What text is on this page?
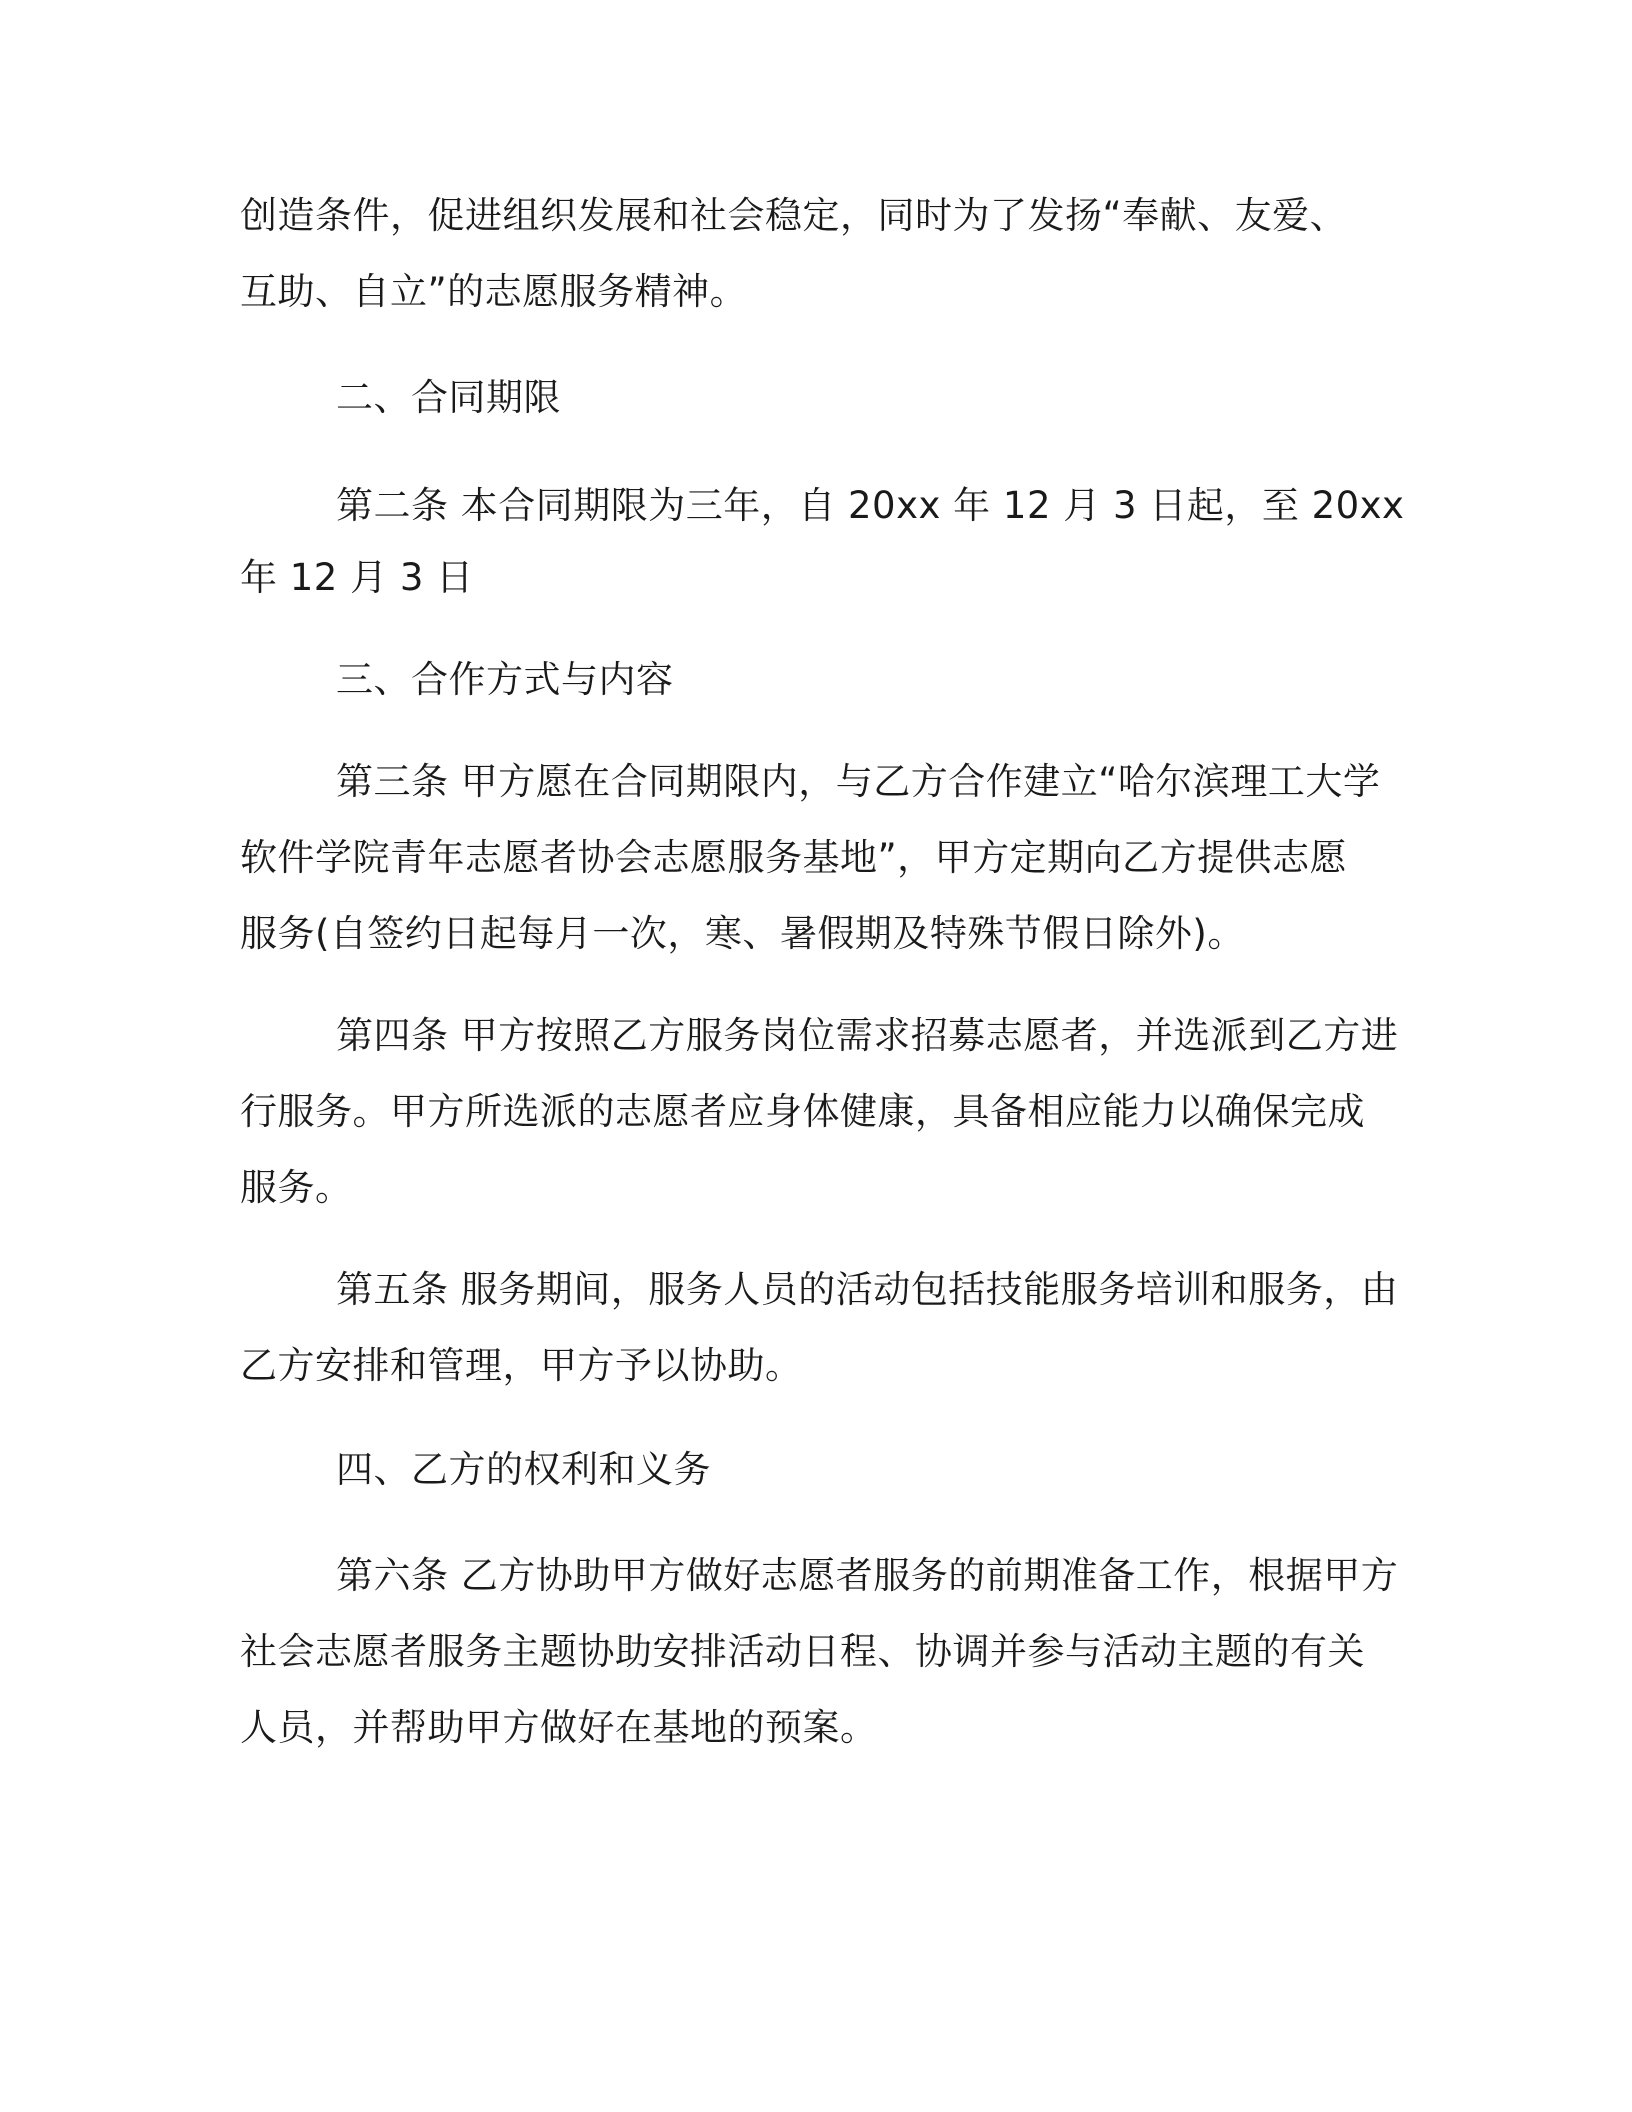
创造条件，促进组织发展和社会稳定，同时为了发扬“奉献、友爱、
互助、自立”的志愿服务精神。
二、合同期限
第二条 本合同期限为三年，自 20xx 年 12 月 3 日起，至 20xx
年 12 月 3 日
三、合作方式与内容
第三条 甲方愿在合同期限内，与乙方合作建立“哈尔滨理工大学
软件学院青年志愿者协会志愿服务基地”，甲方定期向乙方提供志愿
服务(自签约日起每月一次，寒、暑假期及特殊节假日除外)。
第四条 甲方按照乙方服务岗位需求招募志愿者，并选派到乙方进
行服务。甲方所选派的志愿者应身体健康，具备相应能力以确保完成
服务。
第五条 服务期间，服务人员的活动包括技能服务培训和服务，由
乙方安排和管理，甲方予以协助。
四、乙方的权利和义务
第六条 乙方协助甲方做好志愿者服务的前期准备工作，根据甲方
社会志愿者服务主题协助安排活动日程、协调并参与活动主题的有关
人员，并帮助甲方做好在基地的预案。
